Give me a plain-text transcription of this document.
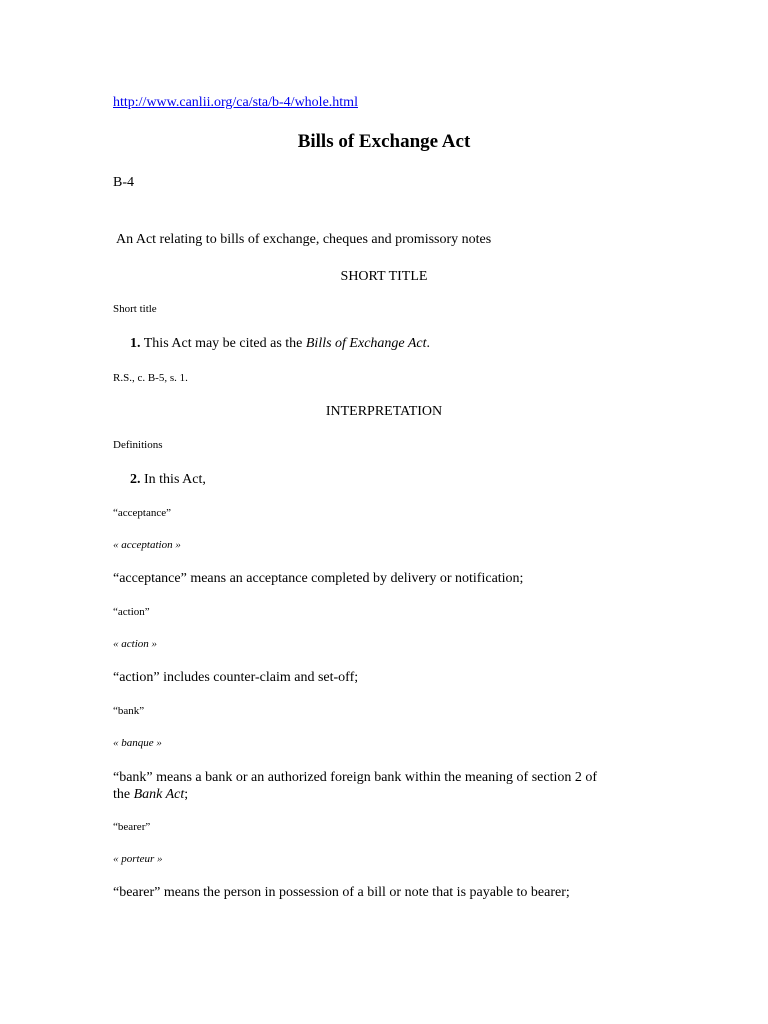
http://www.canlii.org/ca/sta/b-4/whole.html
Bills of Exchange Act
B-4
An Act relating to bills of exchange, cheques and promissory notes
SHORT TITLE
Short title
1. This Act may be cited as the Bills of Exchange Act.
R.S., c. B-5, s. 1.
INTERPRETATION
Definitions
2. In this Act,
“acceptance”
« acceptation »
“acceptance” means an acceptance completed by delivery or notification;
“action”
« action »
“action” includes counter-claim and set-off;
“bank”
« banque »
“bank” means a bank or an authorized foreign bank within the meaning of section 2 of
the Bank Act;
“bearer”
« porteur »
“bearer” means the person in possession of a bill or note that is payable to bearer;
